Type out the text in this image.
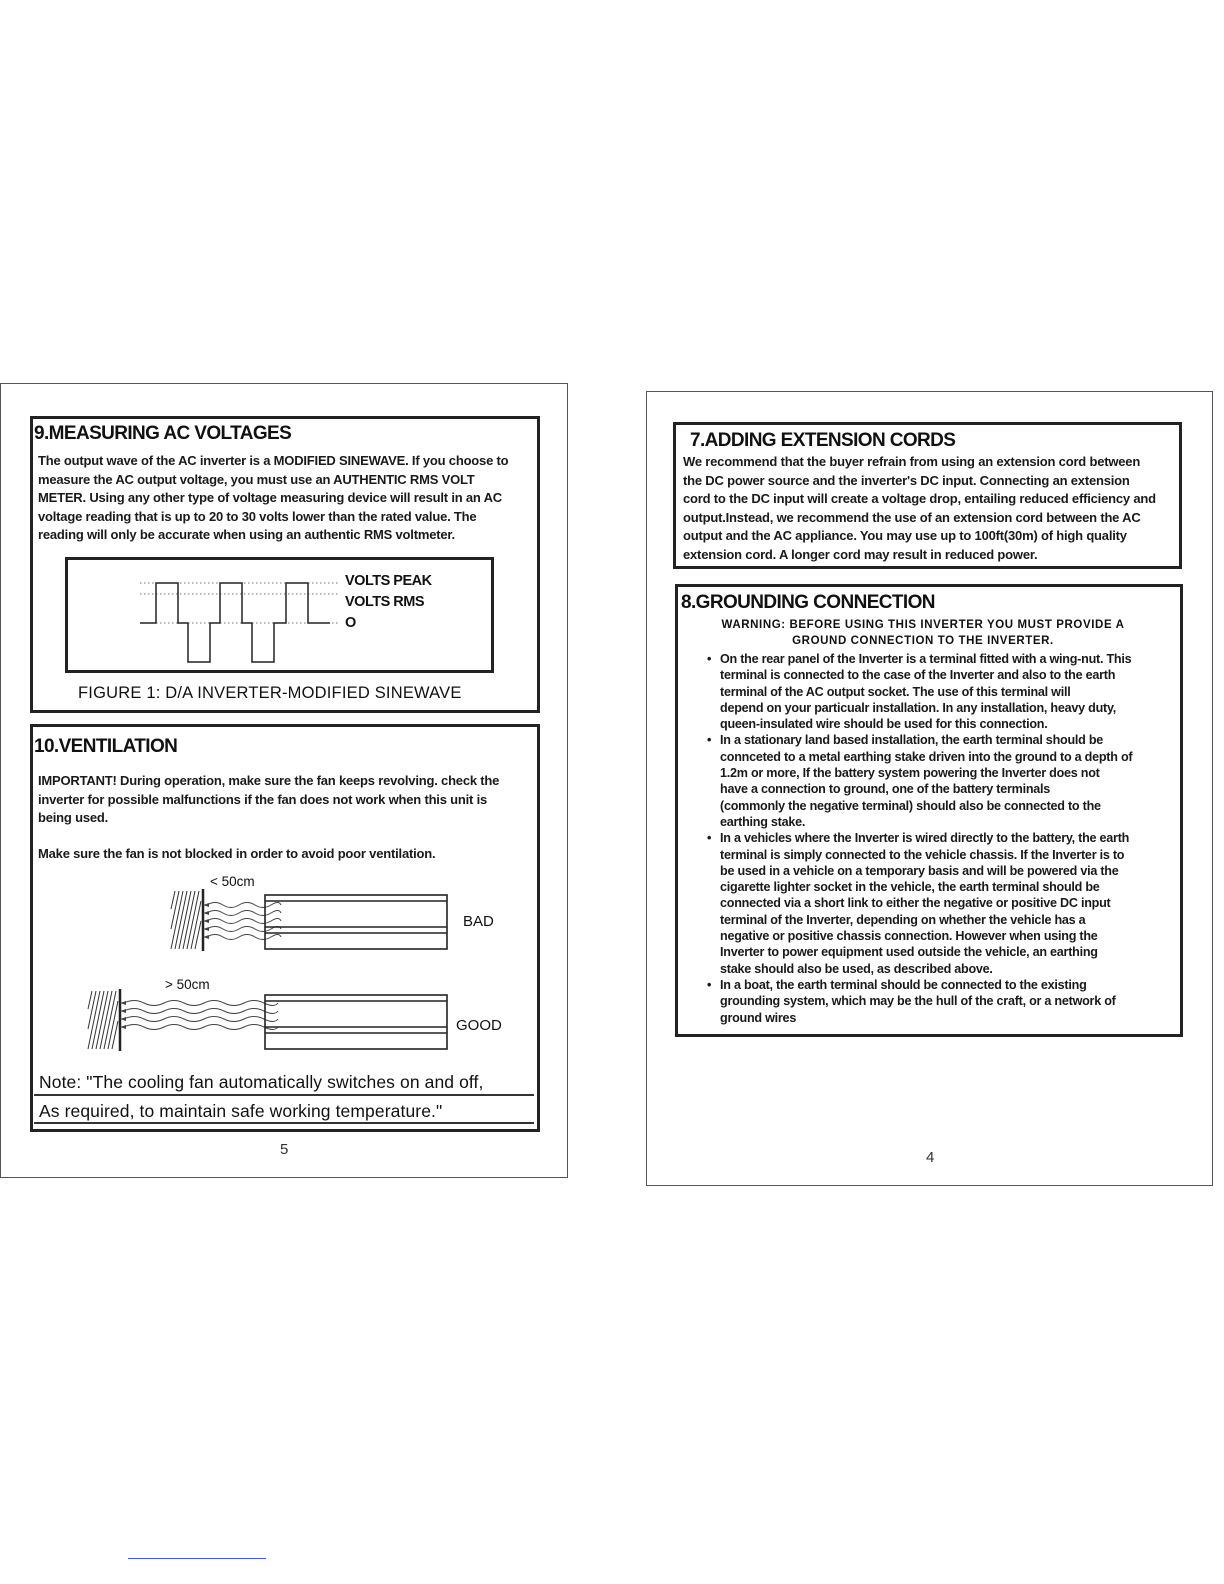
9.MEASURING AC VOLTAGES
The output wave of the AC inverter is a MODIFIED SINEWAVE. If you choose to
measure the AC output voltage, you must use an AUTHENTIC RMS VOLT
METER. Using any other type of voltage measuring device will result in an AC
voltage reading that is up to 20 to 30 volts lower than the rated value. The
reading will only be accurate when using an authentic RMS voltmeter.
VOLTS PEAK
VOLTS RMS
O
FIGURE 1: D/A INVERTER-MODIFIED SINEWAVE
10.VENTILATION
IMPORTANT! During operation, make sure the fan keeps revolving. check the
inverter for possible malfunctions if the fan does not work when this unit is
being used.
Make sure the fan is not blocked in order to avoid poor ventilation.
< 50cm
BAD
> 50cm
GOOD
Note: "The cooling fan automatically switches on and off,
As required, to maintain safe working temperature."
5
7.ADDING EXTENSION CORDS
We recommend that the buyer refrain from using an extension cord between
the DC power source and the inverter's DC input. Connecting an extension
cord to the DC input will create a voltage drop, entailing reduced efficiency and
output.Instead, we recommend the use of an extension cord between the AC
output and the AC appliance. You may use up to 100ft(30m) of high quality
extension cord. A longer cord may result in reduced power.
8.GROUNDING CONNECTION
WARNING: BEFORE USING THIS INVERTER YOU MUST PROVIDE A
GROUND CONNECTION TO THE INVERTER.
• On the rear panel of the Inverter is a terminal fitted with a wing-nut. This
terminal is connected to the case of the Inverter and also to the earth
terminal of the AC output socket. The use of this terminal will
depend on your particualr installation. In any installation, heavy duty,
queen-insulated wire should be used for this connection.
• In a stationary land based installation, the earth terminal should be
connceted to a metal earthing stake driven into the ground to a depth of
1.2m or more, If the battery system powering the Inverter does not
have a connection to ground, one of the battery terminals
(commonly the negative terminal) should also be connected to the
earthing stake.
• In a vehicles where the Inverter is wired directly to the battery, the earth
terminal is simply connected to the vehicle chassis. If the Inverter is to
be used in a vehicle on a temporary basis and will be powered via the
cigarette lighter socket in the vehicle, the earth terminal should be
connected via a short link to either the negative or positive DC input
terminal of the Inverter, depending on whether the vehicle has a
negative or positive chassis connection. However when using the
Inverter to power equipment used outside the vehicle, an earthing
stake should also be used, as described above.
• In a boat, the earth terminal should be connected to the existing
grounding system, which may be the hull of the craft, or a network of
ground wires
4
